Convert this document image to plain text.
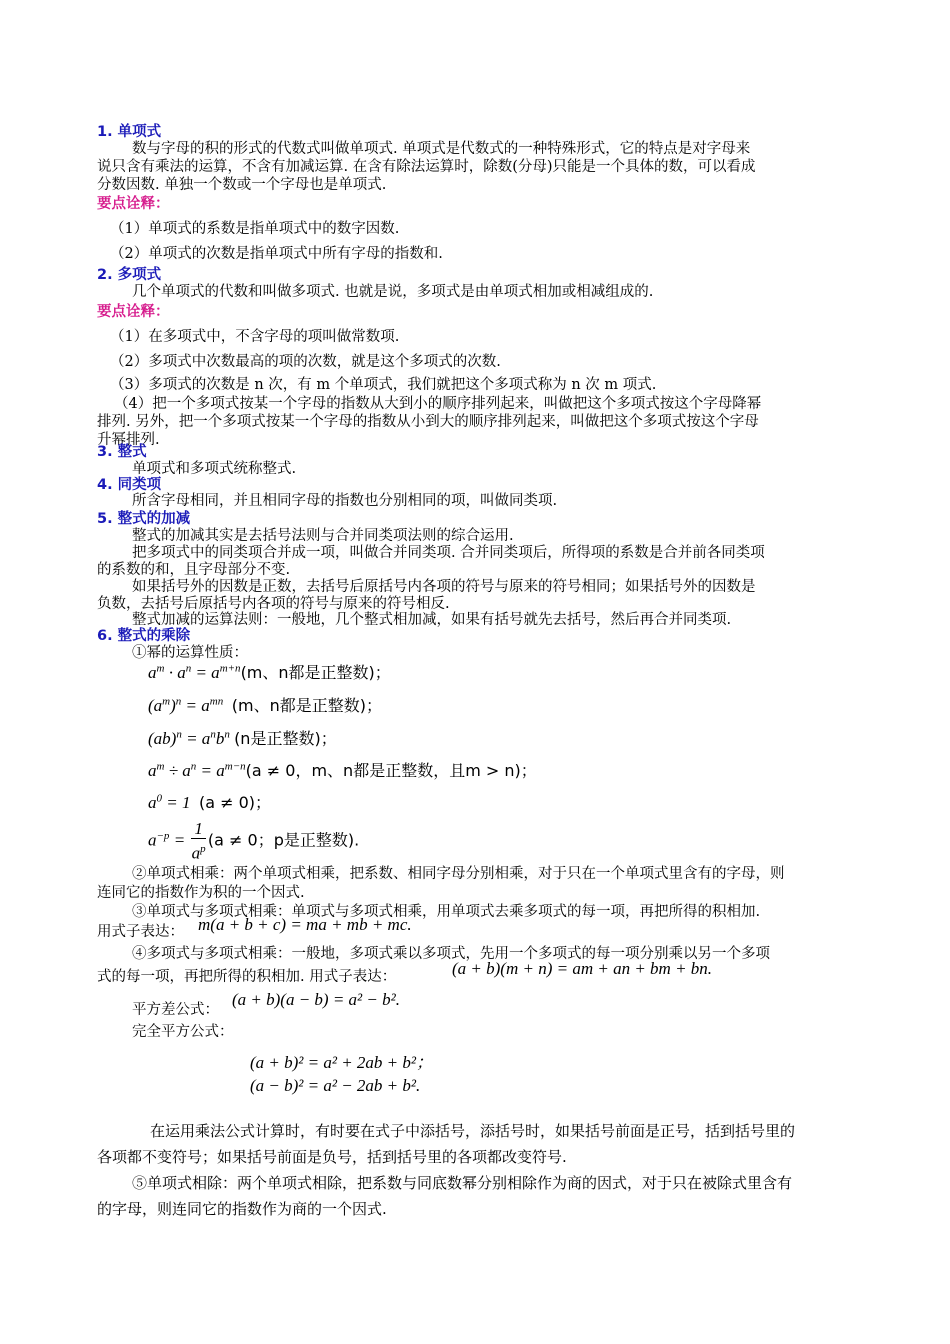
1. 单项式
数与字母的积的形式的代数式叫做单项式. 单项式是代数式的一种特殊形式，它的特点是对字母来
说只含有乘法的运算，不含有加减运算. 在含有除法运算时，除数(分母)只能是一个具体的数，可以看成
分数因数. 单独一个数或一个字母也是单项式.
要点诠释：
（1）单项式的系数是指单项式中的数字因数.
（2）单项式的次数是指单项式中所有字母的指数和.
2. 多项式
几个单项式的代数和叫做多项式. 也就是说，多项式是由单项式相加或相减组成的.
要点诠释：
（1）在多项式中，不含字母的项叫做常数项.
（2）多项式中次数最高的项的次数，就是这个多项式的次数.
（3）多项式的次数是 n 次，有 m 个单项式，我们就把这个多项式称为 n 次 m 项式.
（4）把一个多项式按某一个字母的指数从大到小的顺序排列起来，叫做把这个多项式按这个字母降幂
排列. 另外，把一个多项式按某一个字母的指数从小到大的顺序排列起来，叫做把这个多项式按这个字母
升幂排列.
3. 整式
单项式和多项式统称整式.
4. 同类项
所含字母相同，并且相同字母的指数也分别相同的项，叫做同类项.
5. 整式的加减
整式的加减其实是去括号法则与合并同类项法则的综合运用.
把多项式中的同类项合并成一项，叫做合并同类项. 合并同类项后，所得项的系数是合并前各同类项
的系数的和，且字母部分不变.
如果括号外的因数是正数，去括号后原括号内各项的符号与原来的符号相同；如果括号外的因数是
负数，去括号后原括号内各项的符号与原来的符号相反.
整式加减的运算法则：一般地，几个整式相加减，如果有括号就先去括号，然后再合并同类项.
6. 整式的乘除
①幂的运算性质：
$a^m \cdot a^n = a^{m+n}(m$、n都是正整数)；
$(a^m)^n = a^{mn}$ (m、n都是正整数)；
$(ab)^n = a^nb^n$ (n是正整数)；
$a^m \div a^n = a^{m-n}(a \ne 0$，m、n都是正整数，且m > n)；
$a^0 = 1$  (a ≠ 0)；
$a^{-p} = \frac{1}{a^p} (a \ne 0$；p是正整数).
②单项式相乘：两个单项式相乘，把系数、相同字母分别相乘，对于只在一个单项式里含有的字母，则
连同它的指数作为积的一个因式.
③单项式与多项式相乘：单项式与多项式相乘，用单项式去乘多项式的每一项，再把所得的积相加.
用式子表达： m(a + b + c) = ma + mb + mc.
④多项式与多项式相乘：一般地，多项式乘以多项式，先用一个多项式的每一项分别乘以另一个多项
式的每一项，再把所得的积相加. 用式子表达：	(a + b)(m + n) = am + an + bm + bn.
平方差公式：
(a + b)(a − b) = a² − b².
完全平方公式：
(a + b)² = a² + 2ab + b²；
(a − b)² = a² − 2ab + b².
在运用乘法公式计算时，有时要在式子中添括号，添括号时，如果括号前面是正号，括到括号里的
各项都不变符号；如果括号前面是负号，括到括号里的各项都改变符号.
⑤单项式相除：两个单项式相除，把系数与同底数幂分别相除作为商的因式，对于只在被除式里含有
的字母，则连同它的指数作为商的一个因式.
